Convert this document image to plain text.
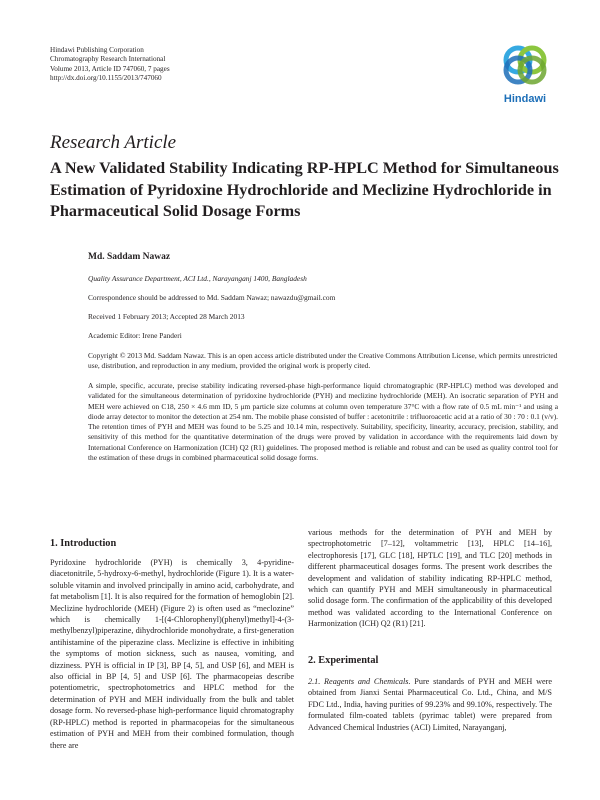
Hindawi Publishing Corporation
Chromatography Research International
Volume 2013, Article ID 747060, 7 pages
http://dx.doi.org/10.1155/2013/747060
Hindawi
Research Article
A New Validated Stability Indicating RP-HPLC Method for Simultaneous Estimation of Pyridoxine Hydrochloride and Meclizine Hydrochloride in Pharmaceutical Solid Dosage Forms
Md. Saddam Nawaz
Quality Assurance Department, ACI Ltd., Narayanganj 1400, Bangladesh
Correspondence should be addressed to Md. Saddam Nawaz; nawazdu@gmail.com
Received 1 February 2013; Accepted 28 March 2013
Academic Editor: Irene Panderi
Copyright © 2013 Md. Saddam Nawaz. This is an open access article distributed under the Creative Commons Attribution License, which permits unrestricted use, distribution, and reproduction in any medium, provided the original work is properly cited.
A simple, specific, accurate, precise stability indicating reversed-phase high-performance liquid chromatographic (RP-HPLC) method was developed and validated for the simultaneous determination of pyridoxine hydrochloride (PYH) and meclizine hydrochloride (MEH). An isocratic separation of PYH and MEH were achieved on C18, 250 × 4.6 mm ID, 5 μm particle size columns at column oven temperature 37°C with a flow rate of 0.5 mL min⁻¹ and using a diode array detector to monitor the detection at 254 nm. The mobile phase consisted of buffer : acetonitrile : trifluoroacetic acid at a ratio of 30 : 70 : 0.1 (v/v). The retention times of PYH and MEH was found to be 5.25 and 10.14 min, respectively. Suitability, specificity, linearity, accuracy, precision, stability, and sensitivity of this method for the quantitative determination of the drugs were proved by validation in accordance with the requirements laid down by International Conference on Harmonization (ICH) Q2 (R1) guidelines. The proposed method is reliable and robust and can be used as quality control tool for the estimation of these drugs in combined pharmaceutical solid dosage forms.
1. Introduction
Pyridoxine hydrochloride (PYH) is chemically 3, 4-pyridine-diacetonitrile, 5-hydroxy-6-methyl, hydrochloride (Figure 1). It is a water-soluble vitamin and involved principally in amino acid, carbohydrate, and fat metabolism [1]. It is also required for the formation of hemoglobin [2]. Meclizine hydrochloride (MEH) (Figure 2) is often used as “meclozine” which is chemically 1-[(4-Chlorophenyl)(phenyl)methyl]-4-(3-methylbenzyl)piperazine, dihydrochloride monohydrate, a first-generation antihistamine of the piperazine class. Meclizine is effective in inhibiting the symptoms of motion sickness, such as nausea, vomiting, and dizziness. PYH is official in IP [3], BP [4, 5], and USP [6], and MEH is also official in BP [4, 5] and USP [6]. The pharmacopeias describe potentiometric, spectrophotometrics and HPLC method for the determination of PYH and MEH individually from the bulk and tablet dosage form. No reversed-phase high-performance liquid chromatography (RP-HPLC) method is reported in pharmacopeias for the simultaneous estimation of PYH and MEH from their combined formulation, though there are
various methods for the determination of PYH and MEH by spectrophotometric [7–12], voltammetric [13], HPLC [14–16], electrophoresis [17], GLC [18], HPTLC [19], and TLC [20] methods in different pharmaceutical dosages forms. The present work describes the development and validation of stability indicating RP-HPLC method, which can quantify PYH and MEH simultaneously in pharmaceutical solid dosage form. The confirmation of the applicability of this developed method was validated according to the International Conference on Harmonization (ICH) Q2 (R1) [21].
2. Experimental
2.1. Reagents and Chemicals. Pure standards of PYH and MEH were obtained from Jianxi Sentai Pharmaceutical Co. Ltd., China, and M/S FDC Ltd., India, having purities of 99.23% and 99.10%, respectively. The formulated film-coated tablets (pyrimac tablet) were prepared from Advanced Chemical Industries (ACI) Limited, Narayanganj,
